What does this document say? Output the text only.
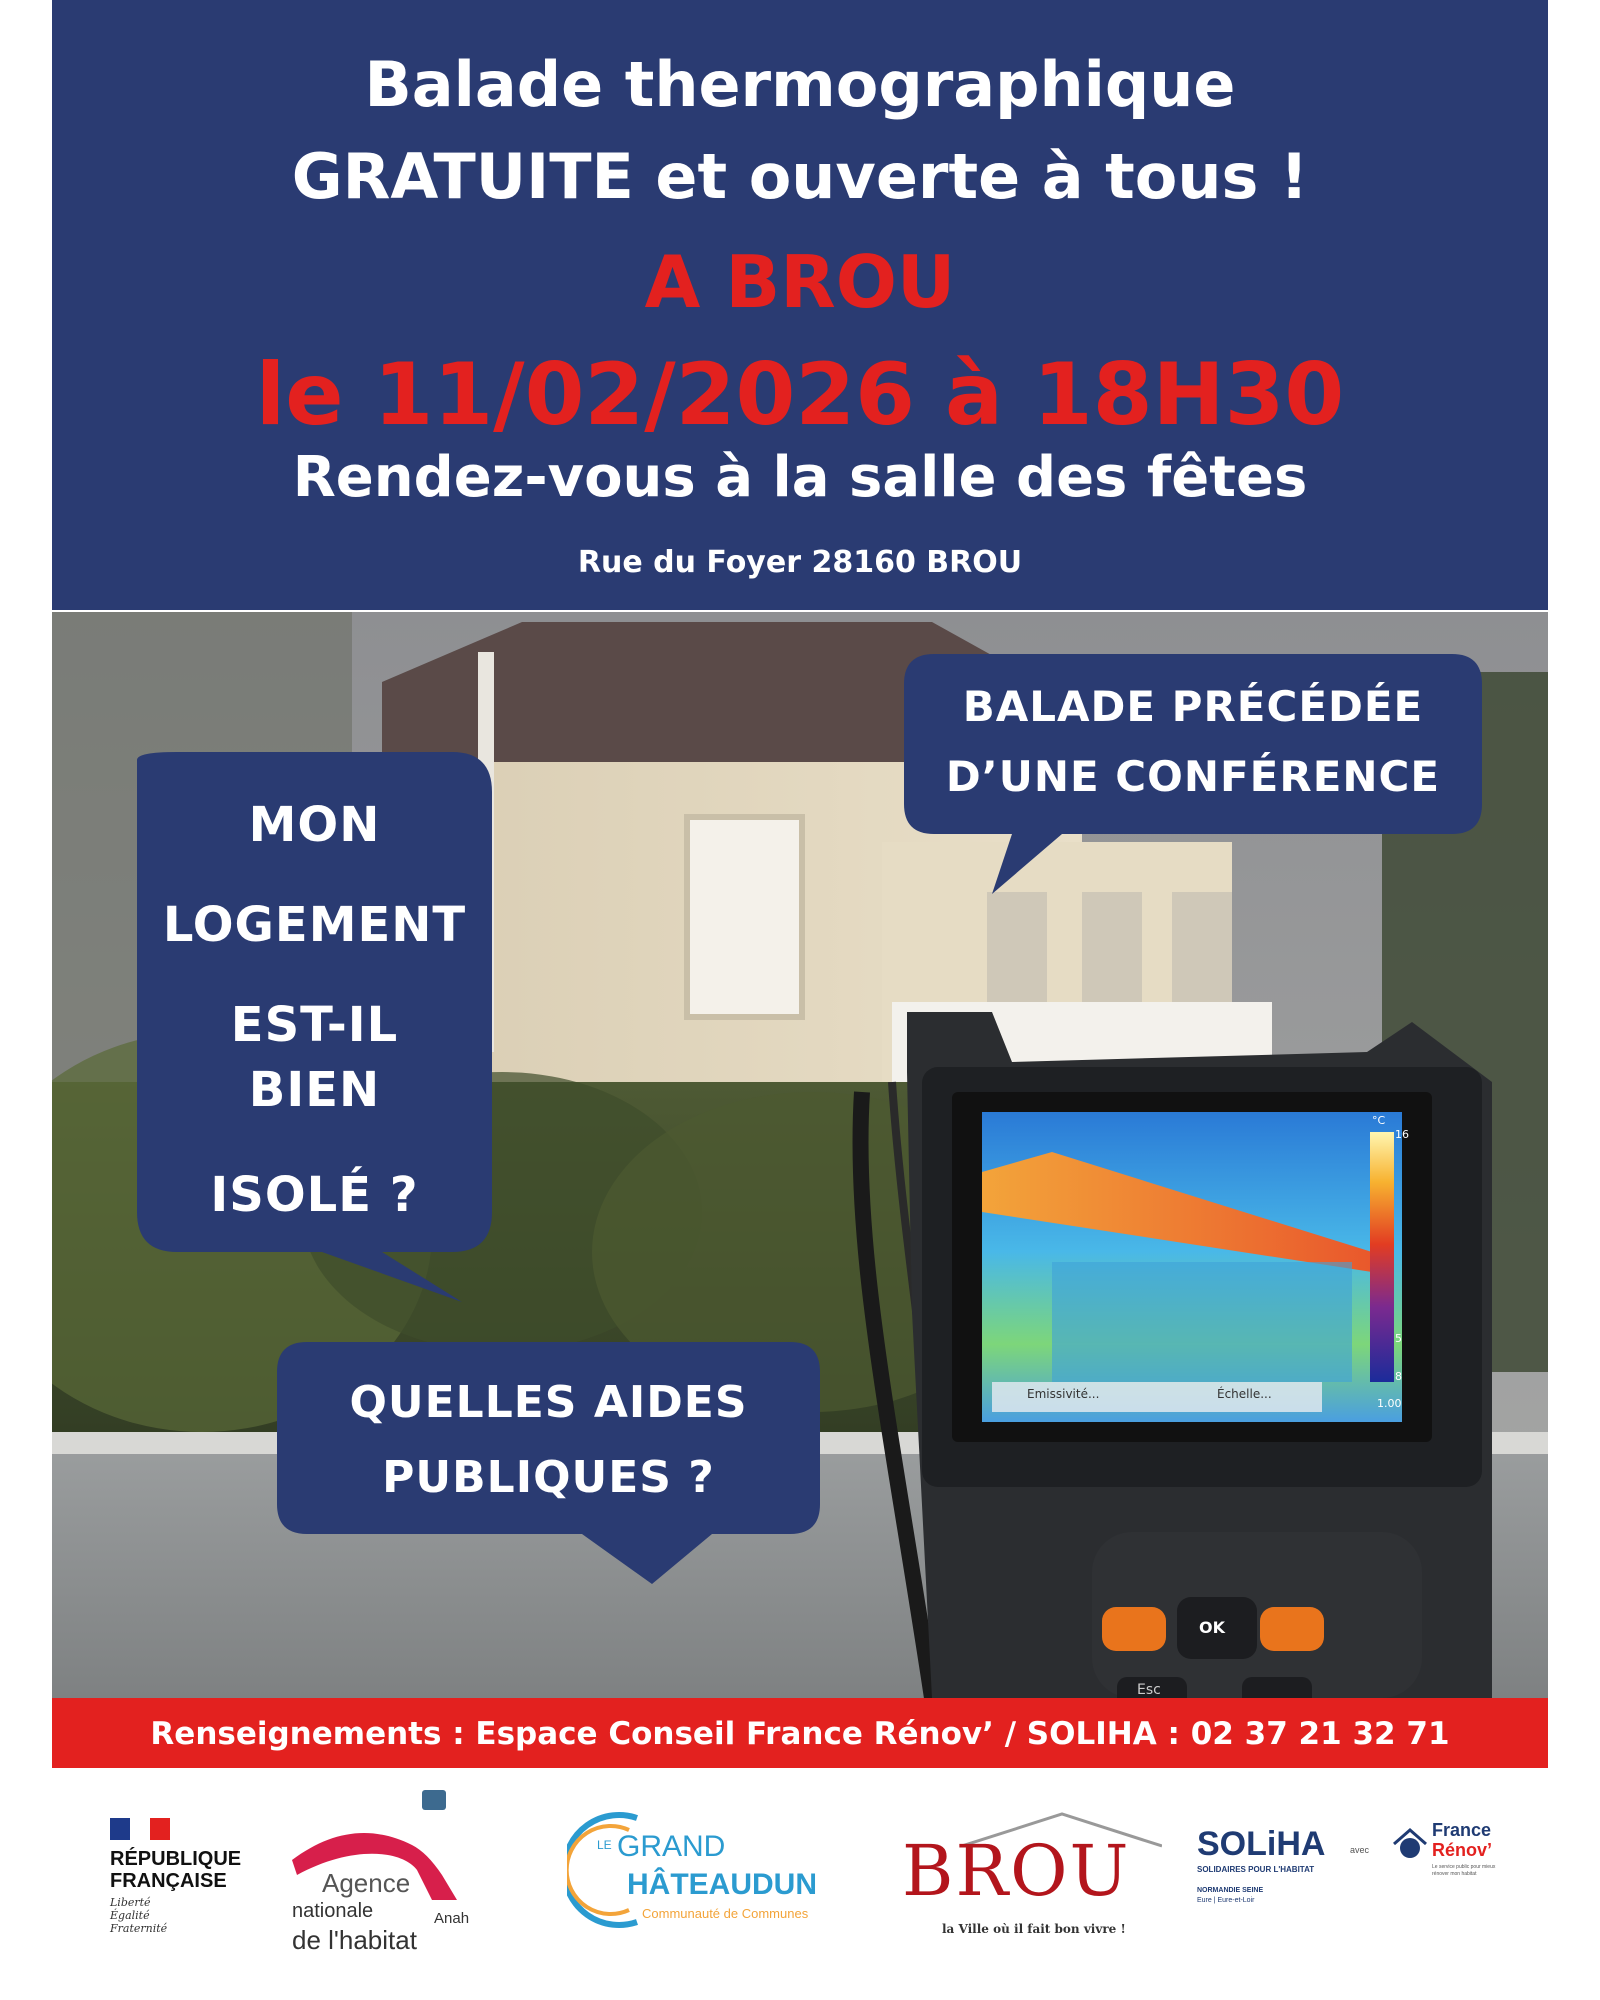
Balade thermographique
GRATUITE et ouverte à tous !
A BROU
le 11/02/2026 à 18H30
Rendez-vous à la salle des fêtes
Rue du Foyer 28160 BROU
Emissivité...	Échelle...
°C
16
5
8
1.00
OK
Esc
MON
LOGEMENT
EST-IL
BIEN
ISOLÉ ?
BALADE PRÉCÉDÉE
D’UNE CONFÉRENCE
QUELLES AIDES
PUBLIQUES ?
Renseignements : Espace Conseil France Rénov’ / SOLIHA : 02 37 21 32 71
RÉPUBLIQUE
FRANÇAISE
Liberté
Égalité
Fraternité
Agence
nationale
de l'habitat
Anah
LE GRAND
HÂTEAUDUN
Communauté de Communes
BROU
la Ville où il fait bon vivre !
SOLiHA
SOLIDAIRES POUR L'HABITAT
NORMANDIE SEINE
Eure | Eure-et-Loir
avec
France
Rénov’
Le service public pour mieux rénover mon habitat
